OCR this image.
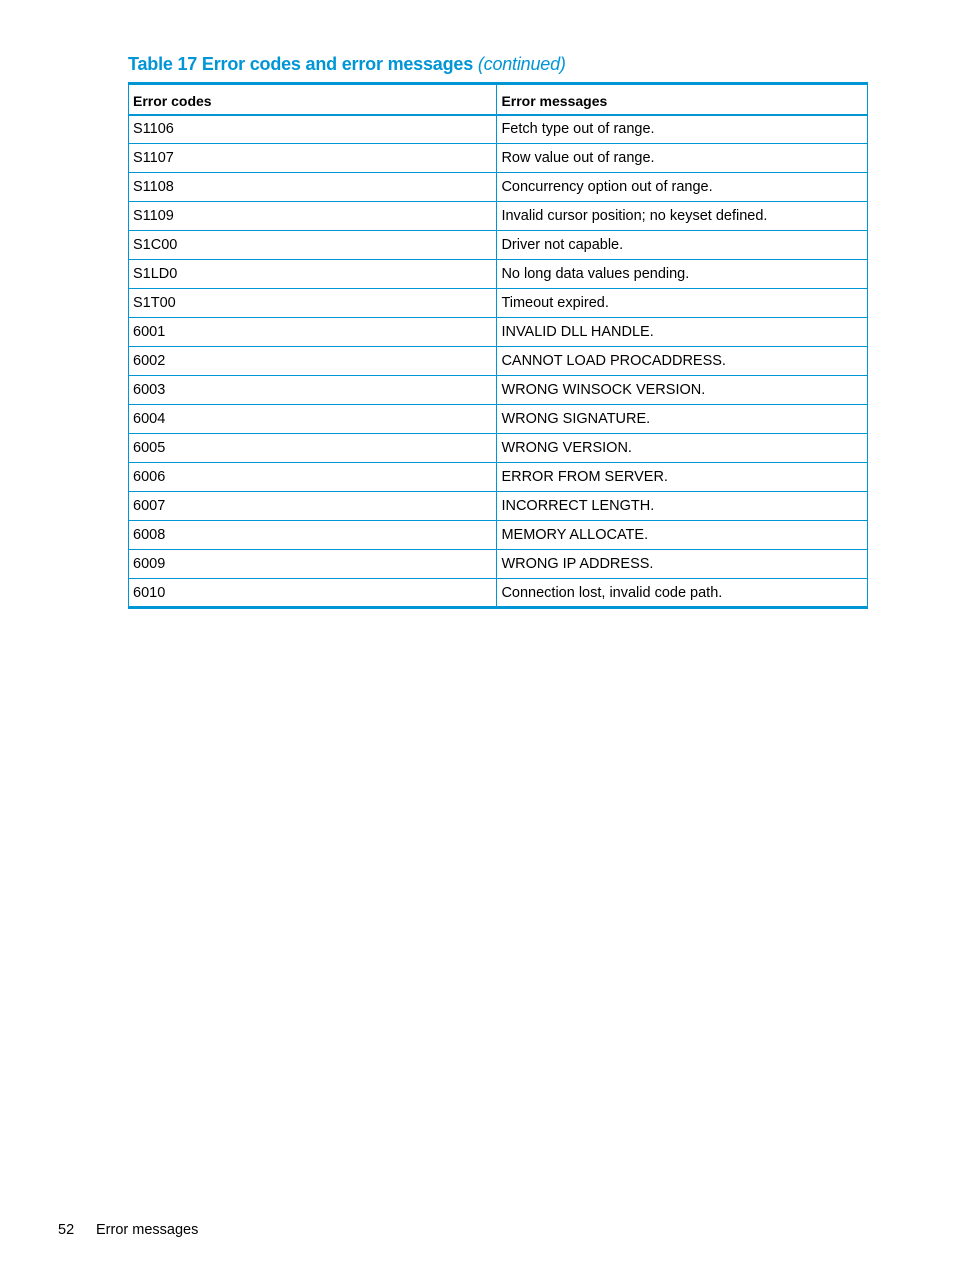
Table 17 Error codes and error messages (continued)
Error codes	Error messages
S1106	Fetch type out of range.
S1107	Row value out of range.
S1108	Concurrency option out of range.
S1109	Invalid cursor position; no keyset defined.
S1C00	Driver not capable.
S1LD0	No long data values pending.
S1T00	Timeout expired.
6001	INVALID DLL HANDLE.
6002	CANNOT LOAD PROCADDRESS.
6003	WRONG WINSOCK VERSION.
6004	WRONG SIGNATURE.
6005	WRONG VERSION.
6006	ERROR FROM SERVER.
6007	INCORRECT LENGTH.
6008	MEMORY ALLOCATE.
6009	WRONG IP ADDRESS.
6010	Connection lost, invalid code path.
52 Error messages
